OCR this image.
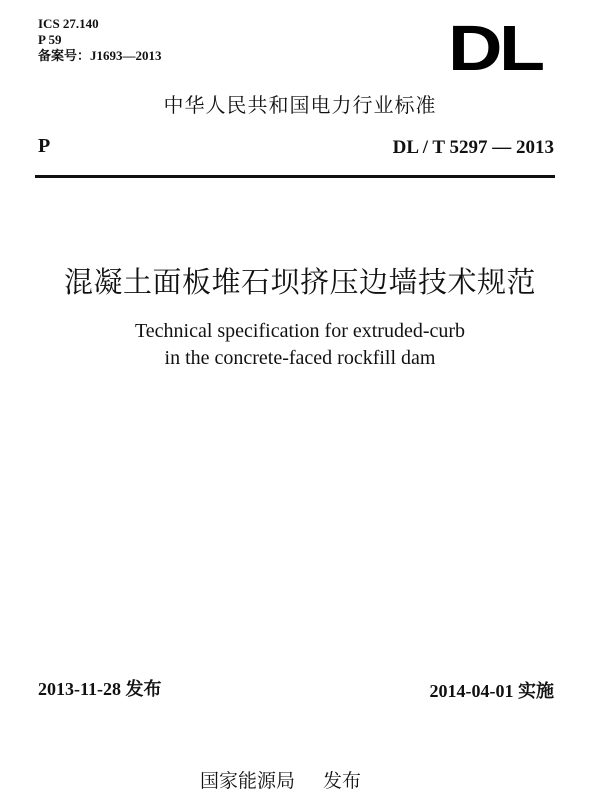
ICS 27.140
P 59
备案号：J1693—2013	DL
中华人民共和国电力行业标准
P	DL / T 5297 — 2013
混凝土面板堆石坝挤压边墙技术规范
Technical specification for extruded-curb
in the concrete-faced rockfill dam
2013-11-28 发布	2014-04-01 实施
国家能源局 发布
